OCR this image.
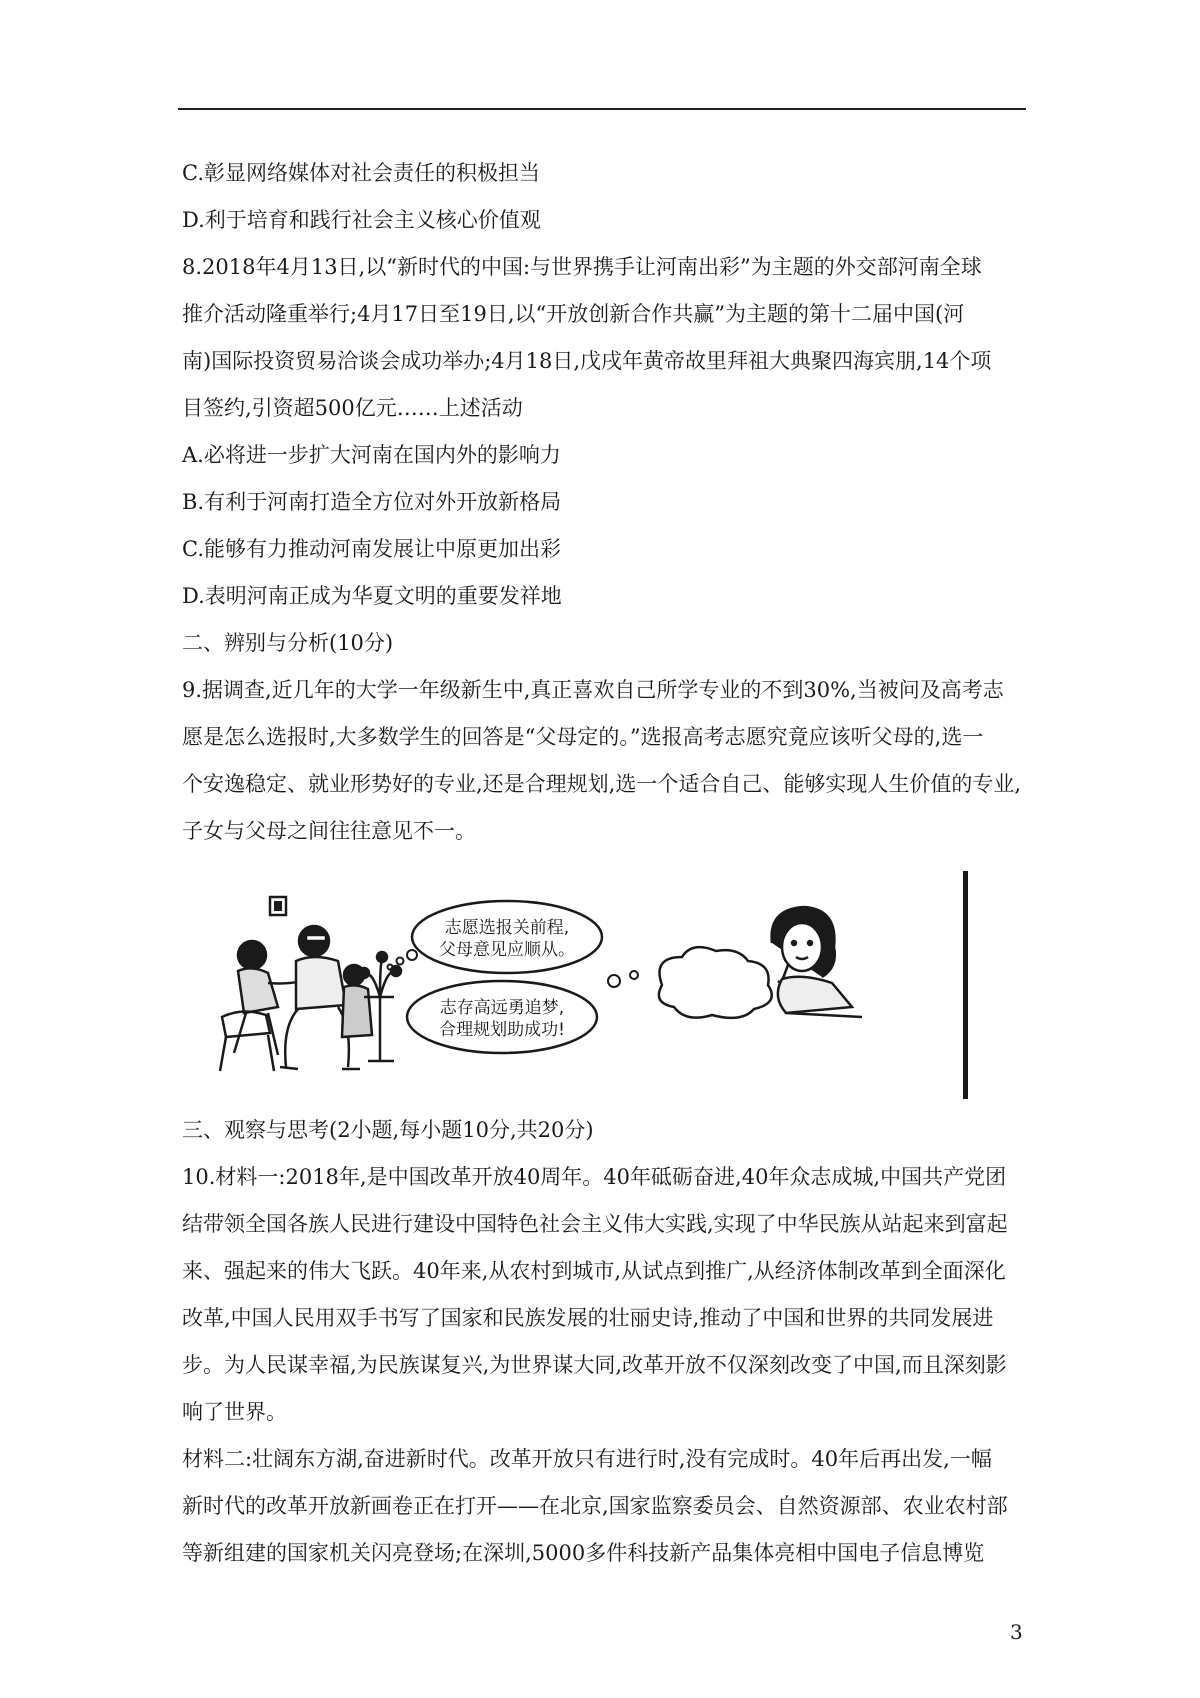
C.彰显网络媒体对社会责任的积极担当

D.利于培育和践行社会主义核心价值观

8.2018年4月13日,以“新时代的中国:与世界携手让河南出彩”为主题的外交部河南全球

推介活动隆重举行;4月17日至19日,以“开放创新合作共赢”为主题的第十二届中国(河

南)国际投资贸易洽谈会成功举办;4月18日,戊戌年黄帝故里拜祖大典聚四海宾朋,14个项

目签约,引资超500亿元……上述活动

A.必将进一步扩大河南在国内外的影响力

B.有利于河南打造全方位对外开放新格局

C.能够有力推动河南发展让中原更加出彩

D.表明河南正成为华夏文明的重要发祥地

二、辨别与分析(10分)

9.据调查,近几年的大学一年级新生中,真正喜欢自己所学专业的不到30%,当被问及高考志

愿是怎么选报时,大多数学生的回答是“父母定的。”选报高考志愿究竟应该听父母的,选一

个安逸稳定、就业形势好的专业,还是合理规划,选一个适合自己、能够实现人生价值的专业,

子女与父母之间往往意见不一。

志愿选报关前程,
父母意见应顺从。
志存高远勇追梦,
合理规划助成功!

三、观察与思考(2小题,每小题10分,共20分)

10.材料一:2018年,是中国改革开放40周年。40年砥砺奋进,40年众志成城,中国共产党团

结带领全国各族人民进行建设中国特色社会主义伟大实践,实现了中华民族从站起来到富起

来、强起来的伟大飞跃。40年来,从农村到城市,从试点到推广,从经济体制改革到全面深化

改革,中国人民用双手书写了国家和民族发展的壮丽史诗,推动了中国和世界的共同发展进

步。为人民谋幸福,为民族谋复兴,为世界谋大同,改革开放不仅深刻改变了中国,而且深刻影

响了世界。

材料二:壮阔东方湖,奋进新时代。改革开放只有进行时,没有完成时。40年后再出发,一幅

新时代的改革开放新画卷正在打开——在北京,国家监察委员会、自然资源部、农业农村部

等新组建的国家机关闪亮登场;在深圳,5000多件科技新产品集体亮相中国电子信息博览

3
